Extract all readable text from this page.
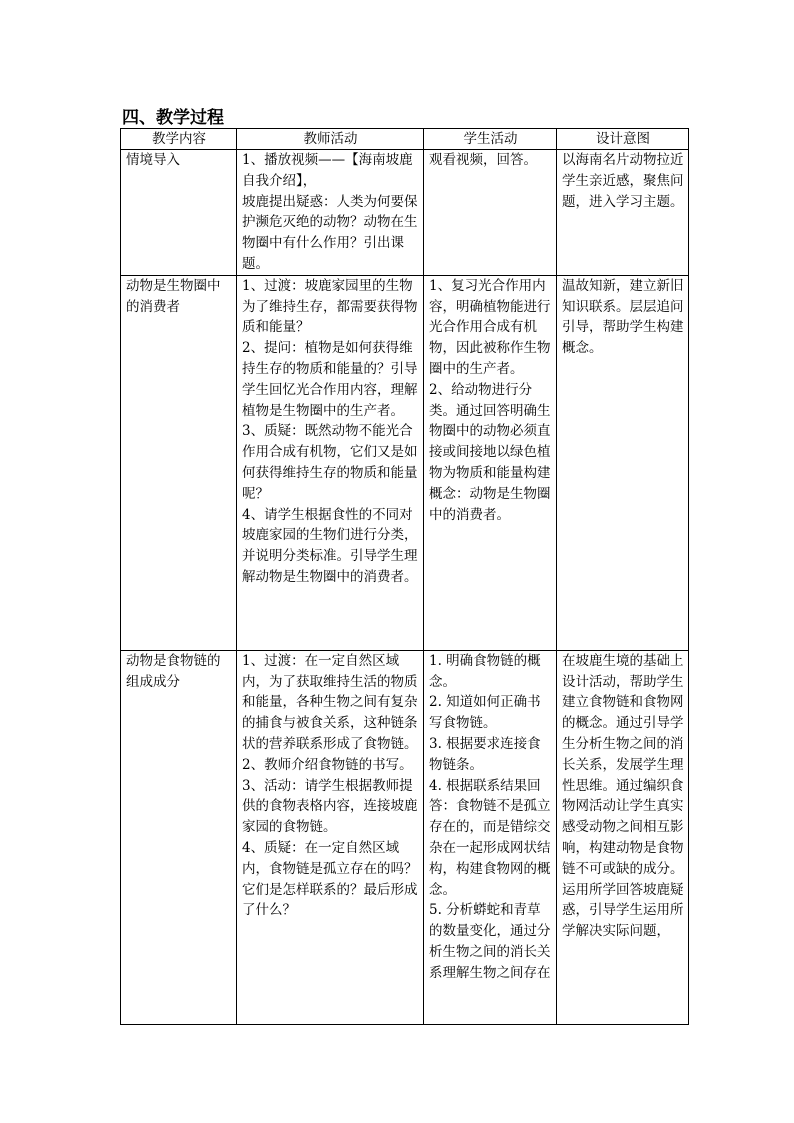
四、教学过程
教学内容	教师活动	学生活动	设计意图

情境导入	1、播放视频——【海南坡鹿自我介绍】，
坡鹿提出疑惑：人类为何要保护濒危灭绝的动物？动物在生物圈中有什么作用？引出课题。	观看视频，回答。	以海南名片动物拉近学生亲近感，聚焦问题，进入学习主题。

动物是生物圈中的消费者	1、过渡：坡鹿家园里的生物为了维持生存，都需要获得物质和能量？
2、提问：植物是如何获得维持生存的物质和能量的？引导学生回忆光合作用内容，理解植物是生物圈中的生产者。
3、质疑：既然动物不能光合作用合成有机物，它们又是如何获得维持生存的物质和能量呢？
4、请学生根据食性的不同对坡鹿家园的生物们进行分类，并说明分类标准。引导学生理解动物是生物圈中的消费者。	1、复习光合作用内容，明确植物能进行光合作用合成有机物，因此被称作生物圈中的生产者。
2、给动物进行分类。通过回答明确生物圈中的动物必须直接或间接地以绿色植物为物质和能量构建概念：动物是生物圈中的消费者。	温故知新，建立新旧知识联系。层层追问引导，帮助学生构建概念。

动物是食物链的组成成分	1、过渡：在一定自然区域内，为了获取维持生活的物质和能量，各种生物之间有复杂的捕食与被食关系，这种链条状的营养联系形成了食物链。
2、教师介绍食物链的书写。
3、活动：请学生根据教师提供的食物表格内容，连接坡鹿家园的食物链。
4、质疑：在一定自然区域内，食物链是孤立存在的吗？它们是怎样联系的？最后形成了什么？	1. 明确食物链的概念。
2. 知道如何正确书写食物链。
3. 根据要求连接食物链条。
4. 根据联系结果回答：食物链不是孤立存在的，而是错综交杂在一起形成网状结构，构建食物网的概念。
5. 分析蟒蛇和青草的数量变化，通过分析生物之间的消长关系理解生物之间存在	在坡鹿生境的基础上设计活动，帮助学生建立食物链和食物网的概念。通过引导学生分析生物之间的消长关系，发展学生理性思维。通过编织食物网活动让学生真实感受动物之间相互影响，构建动物是食物链不可或缺的成分。运用所学回答坡鹿疑惑，引导学生运用所学解决实际问题，
